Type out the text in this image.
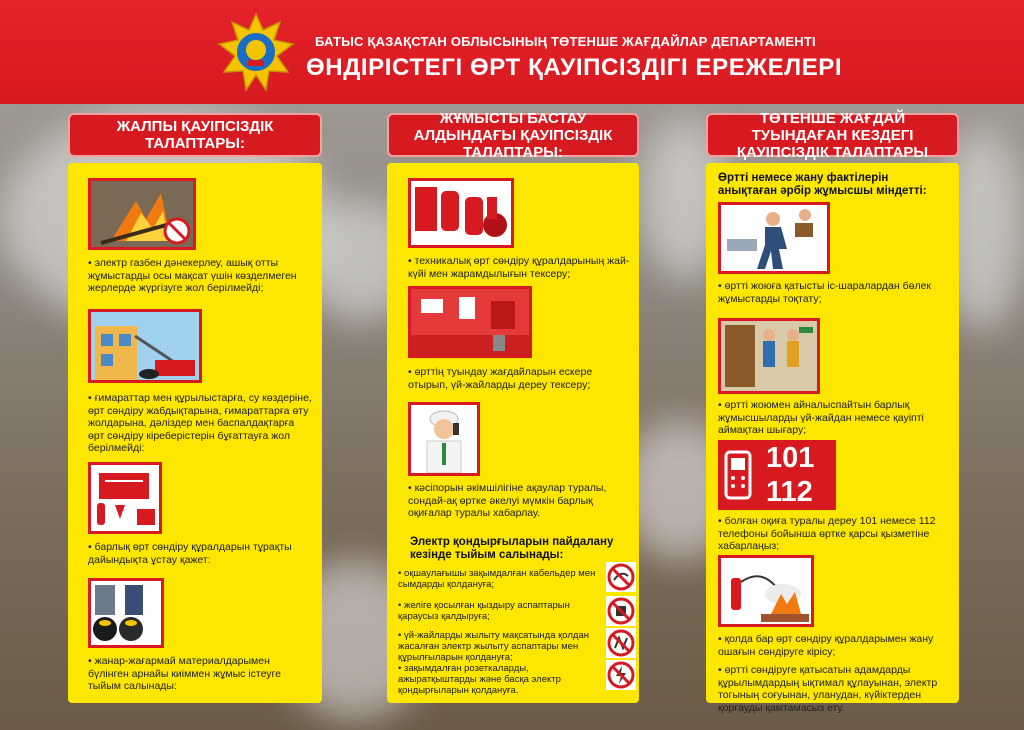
БАТЫС ҚАЗАҚСТАН ОБЛЫСЫНЫҢ ТӨТЕНШЕ ЖАҒДАЙЛАР ДЕПАРТАМЕНТІ
ӨНДІРІСТЕГІ ӨРТ ҚАУІПСІЗДІГІ ЕРЕЖЕЛЕРІ
ЖАЛПЫ ҚАУІПСІЗДІК ТАЛАПТАРЫ:
• электр газбен дәнекерлеу, ашық отты жұмыстарды осы мақсат үшін көзделмеген жерлерде жүргізуге жол берілмейді;
• ғимараттар мен құрылыстарға, су көздеріне, өрт сөндіру жабдықтарына, ғимараттарға өту жолдарына, дәліздер мен баспалдақтарға өрт сөндіру кіреберістерін бұғаттауға жол берілмейді:
• барлық өрт сөндіру құралдарын тұрақты дайындықта ұстау қажет:
• жанар-жағармай материалдарымен бүлінген арнайы киіммен жұмыс істеуге тыйым салынады:
ЖҰМЫСТЫ БАСТАУ АЛДЫНДАҒЫ ҚАУІПСІЗДІК ТАЛАПТАРЫ:
• техникалық өрт сөндіру құралдарының жай-күйі мен жарамдылығын тексеру;
• өрттің туындау жағдайларын ескере отырып, үй-жайларды дереу тексеру;
• кәсіпорын әкімшілігіне ақаулар туралы, сондай-ақ өртке әкелуі мүмкін барлық оқиғалар туралы хабарлау.
Электр қондырғыларын пайдалану кезінде тыйым салынады:
• оқшаулағышы зақымдалған кабельдер мен сымдарды қолдануға;
• желіге қосылған қыздыру аспаптарын қараусыз қалдыруға;
• үй-жайларды жылыту мақсатында қолдан жасалған электр жылыту аспаптары мен құрылғыларын қолдануға;
• зақымдалған розеткаларды, ажыратқыштарды және басқа электр қондырғыларын қолдануға.
ТӨТЕНШЕ ЖАҒДАЙ ТУЫНДАҒАН КЕЗДЕГІ ҚАУІПСІЗДІК ТАЛАПТАРЫ
Өртті немесе жану фактілерін анықтаған әрбір жұмысшы міндетті:
• өртті жоюға қатысты іс-шаралардан бөлек жұмыстарды тоқтату;
• өртті жоюмен айналыспайтын барлық жұмысшыларды үй-жайдан немесе қауіпті аймақтан шығару;
101
112
• болған оқиға туралы дереу 101 немесе 112 телефоны бойынша өртке қарсы қызметіне хабарлаңыз;
• қолда бар өрт сөндіру құралдарымен жану ошағын сөндіруге кірісу;
• өртті сөндіруге қатысатын адамдарды құрылымдардың ықтимал құлауынан, электр тогының соғуынан, уланудан, күйіктерден қорғауды қамтамасыз ету.
